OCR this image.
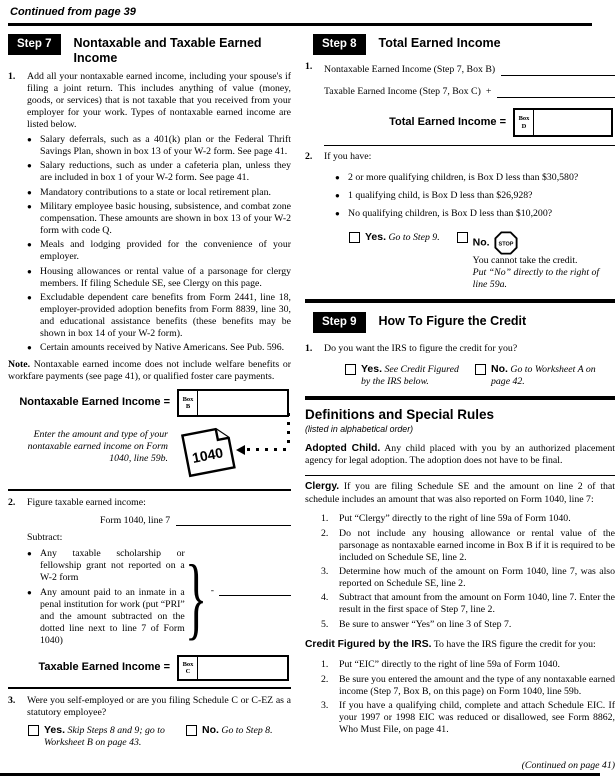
Continued from page 39
Step 7	Nontaxable and Taxable Earned Income
1.	Add all your nontaxable earned income, including your spouse's if filing a joint return. This includes anything of value (money, goods, or services) that is not taxable that you received from your employer for your work. Types of nontaxable earned income are listed below.
● Salary deferrals, such as a 401(k) plan or the Federal Thrift Savings Plan, shown in box 13 of your W-2 form. See page 41.
● Salary reductions, such as under a cafeteria plan, unless they are included in box 1 of your W-2 form. See page 41.
● Mandatory contributions to a state or local retirement plan.
● Military employee basic housing, subsistence, and combat zone compensation. These amounts are shown in box 13 of your W-2 form with code Q.
● Meals and lodging provided for the convenience of your employer.
● Housing allowances or rental value of a parsonage for clergy members. If filing Schedule SE, see Clergy on this page.
● Excludable dependent care benefits from Form 2441, line 18, employer-provided adoption benefits from Form 8839, line 30, and educational assistance benefits (these benefits may be shown in box 14 of your W-2 form).
● Certain amounts received by Native Americans. See Pub. 596.

Note. Nontaxable earned income does not include welfare benefits or workfare payments (see page 41), or qualified foster care payments.

Nontaxable Earned Income = Box
B
Enter the amount and type of your nontaxable earned income on Form 1040, line 59b. 1040
2.	Figure taxable earned income:
Form 1040, line 7
Subtract:
● Any taxable scholarship or fellowship grant not reported on a W-2 form
● Any amount paid to an inmate in a penal institution for work (put “PRI” and the amount subtracted on the dotted line next to line 7 of Form 1040)	} -
Taxable Earned Income = Box
C
3.	Were you self-employed or are you filing Schedule C or C-EZ as a statutory employee?
Yes. Skip Steps 8 and 9; go to Worksheet B on page 43.
No. Go to Step 8.
Step 8	Total Earned Income
1.	Nontaxable Earned Income (Step 7, Box B)
Taxable Earned Income (Step 7, Box C) +
Total Earned Income = Box
D
2.	If you have:
● 2 or more qualifying children, is Box D less than $30,580?
● 1 qualifying child, is Box D less than $26,928?
● No qualifying children, is Box D less than $10,200?
Yes. Go to Step 9.	No. STOP
You cannot take the credit.
Put “No” directly to the right of line 59a.
Step 9	How To Figure the Credit
1.	Do you want the IRS to figure the credit for you?
Yes. See Credit Figured by the IRS below.
No. Go to Worksheet A on page 42.
Definitions and Special Rules
(listed in alphabetical order)

Adopted Child. Any child placed with you by an authorized placement agency for legal adoption. The adoption does not have to be final.

Clergy. If you are filing Schedule SE and the amount on line 2 of that schedule includes an amount that was also reported on Form 1040, line 7:

1.	Put “Clergy” directly to the right of line 59a of Form 1040.
2.	Do not include any housing allowance or rental value of the parsonage as nontaxable earned income in Box B if it is required to be included on Schedule SE, line 2.
3.	Determine how much of the amount on Form 1040, line 7, was also reported on Schedule SE, line 2.
4.	Subtract that amount from the amount on Form 1040, line 7. Enter the result in the first space of Step 7, line 2.
5.	Be sure to answer “Yes” on line 3 of Step 7.

Credit Figured by the IRS. To have the IRS figure the credit for you:

1.	Put “EIC” directly to the right of line 59a of Form 1040.
2.	Be sure you entered the amount and the type of any nontaxable earned income (Step 7, Box B, on this page) on Form 1040, line 59b.
3.	If you have a qualifying child, complete and attach Schedule EIC. If your 1997 or 1998 EIC was reduced or disallowed, see Form 8862, Who Must File, on page 41.
(Continued on page 41)
